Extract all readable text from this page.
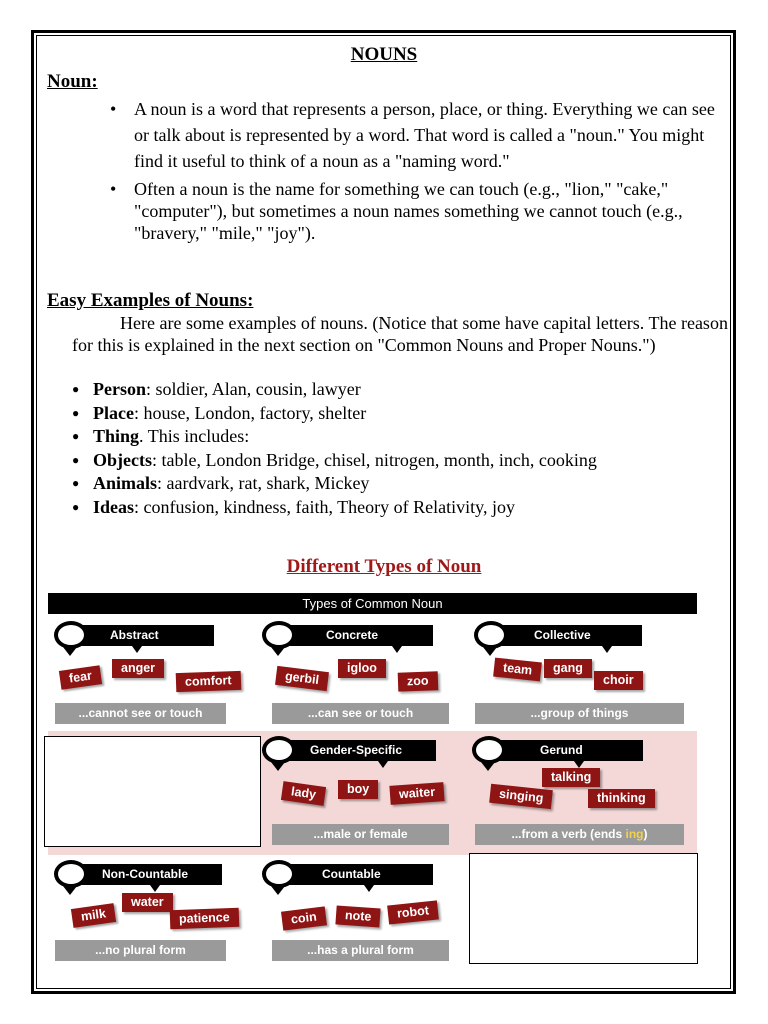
NOUNS
Noun:
• A noun is a word that represents a person, place, or thing. Everything we can see or talk about is represented by a word. That word is called a "noun." You might find it useful to think of a noun as a "naming word."
• Often a noun is the name for something we can touch (e.g., "lion," "cake," "computer"), but sometimes a noun names something we cannot touch (e.g., "bravery," "mile," "joy").
Easy Examples of Nouns:
Here are some examples of nouns. (Notice that some have capital letters. The reason for this is explained in the next section on "Common Nouns and Proper Nouns.")
● Person: soldier, Alan, cousin, lawyer
● Place: house, London, factory, shelter
● Thing. This includes:
● Objects: table, London Bridge, chisel, nitrogen, month, inch, cooking
● Animals: aardvark, rat, shark, Mickey
● Ideas: confusion, kindness, faith, Theory of Relativity, joy
Different Types of Noun
Types of Common Noun
Abstract
fear
anger
comfort
...cannot see or touch
Concrete
gerbil
igloo
zoo
...can see or touch
Collective
team	gang
choir
...group of things
Gender-Specific
lady	boy	waiter
...male or female
Gerund
talking
singing	thinking
...from a verb (ends ing)
Non-Countable
water
milk	patience
...no plural form
Countable
coin	note	robot
...has a plural form
